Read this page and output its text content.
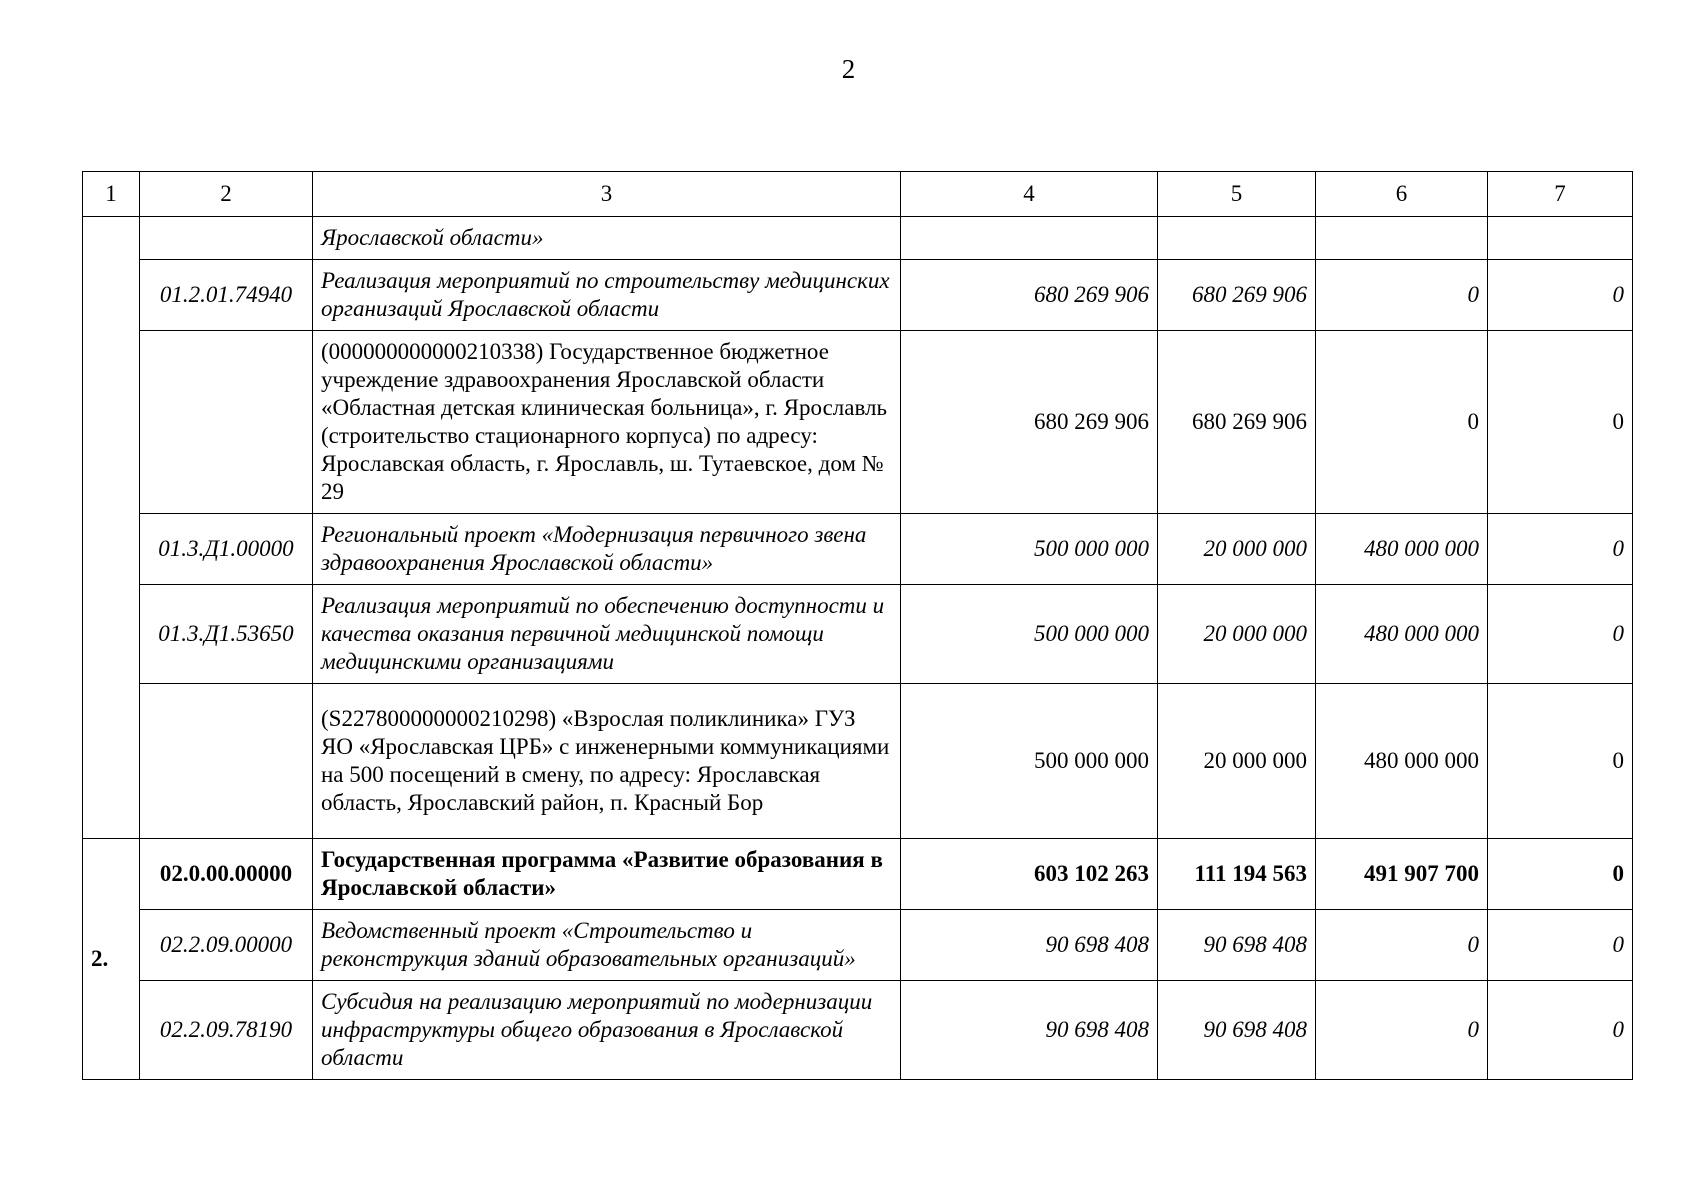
2
1	2	3	4	5	6	7
		Ярославской области»				
	01.2.01.74940	Реализация мероприятий по строительству медицинских организаций Ярославской области	680 269 906	680 269 906	0	0
		(000000000000210338) Государственное бюджетное учреждение здравоохранения Ярославской области «Областная детская клиническая больница», г. Ярославль (строительство стационарного корпуса) по адресу: Ярославская область, г. Ярославль, ш. Тутаевское, дом № 29	680 269 906	680 269 906	0	0
	01.3.Д1.00000	Региональный проект «Модернизация первичного звена здравоохранения Ярославской области»	500 000 000	20 000 000	480 000 000	0
	01.3.Д1.53650	Реализация мероприятий по обеспечению доступности и качества оказания первичной медицинской помощи медицинскими организациями	500 000 000	20 000 000	480 000 000	0
		(S227800000000210298) «Взрослая поликлиника» ГУЗ ЯО «Ярославская ЦРБ» с инженерными коммуникациями на 500 посещений в смену, по адресу: Ярославская область, Ярославский район, п. Красный Бор	500 000 000	20 000 000	480 000 000	0
2.	02.0.00.00000	Государственная программа «Развитие образования в Ярославской области»	603 102 263	111 194 563	491 907 700	0
	02.2.09.00000	Ведомственный проект «Строительство и реконструкция зданий образовательных организаций»	90 698 408	90 698 408	0	0
	02.2.09.78190	Субсидия на реализацию мероприятий по модернизации инфраструктуры общего образования в Ярославской области	90 698 408	90 698 408	0	0
